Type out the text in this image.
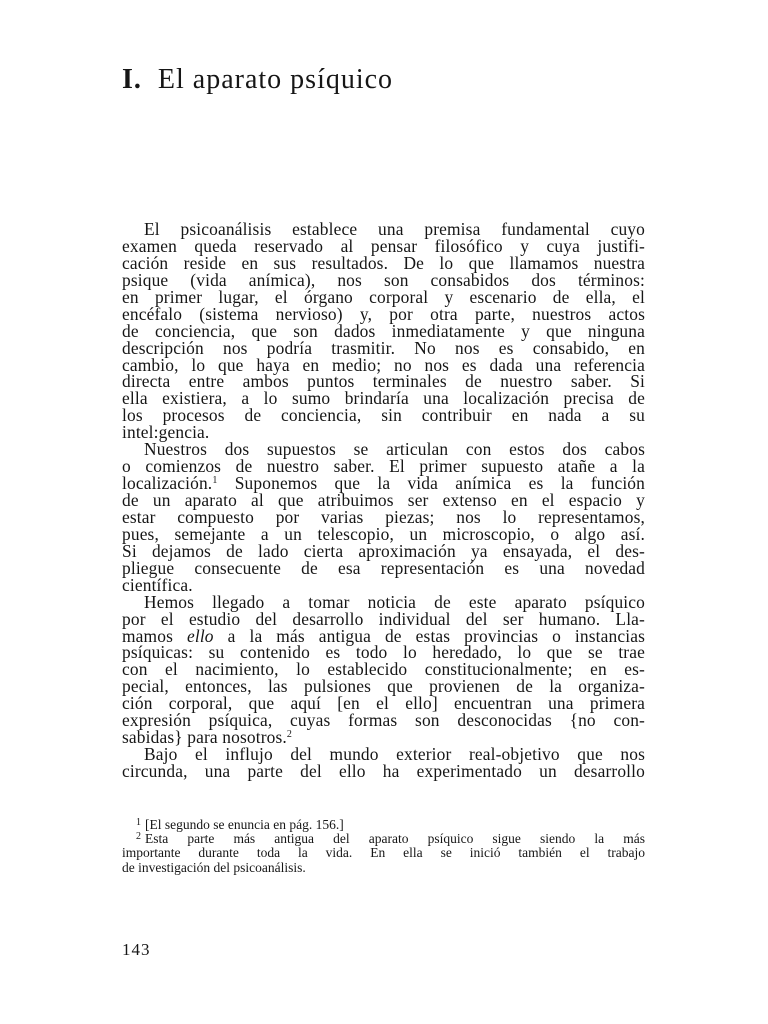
I. El aparato psíquico
El psicoanálisis establece una premisa fundamental cuyo
examen queda reservado al pensar filosófico y cuya justifi-
cación reside en sus resultados. De lo que llamamos nuestra
psique (vida anímica), nos son consabidos dos términos:
en primer lugar, el órgano corporal y escenario de ella, el
encéfalo (sistema nervioso) y, por otra parte, nuestros actos
de conciencia, que son dados inmediatamente y que ninguna
descripción nos podría trasmitir. No nos es consabido, en
cambio, lo que haya en medio; no nos es dada una referencia
directa entre ambos puntos terminales de nuestro saber. Si
ella existiera, a lo sumo brindaría una localización precisa de
los procesos de conciencia, sin contribuir en nada a su
intel:gencia.
Nuestros dos supuestos se articulan con estos dos cabos
o comienzos de nuestro saber. El primer supuesto atañe a la
localización.$^1$ Suponemos que la vida anímica es la función
de un aparato al que atribuimos ser extenso en el espacio y
estar compuesto por varias piezas; nos lo representamos,
pues, semejante a un telescopio, un microscopio, o algo así.
Si dejamos de lado cierta aproximación ya ensayada, el des-
pliegue consecuente de esa representación es una novedad
científica.
Hemos llegado a tomar noticia de este aparato psíquico
por el estudio del desarrollo individual del ser humano. Lla-
mamos ello a la más antigua de estas provincias o instancias
psíquicas: su contenido es todo lo heredado, lo que se trae
con el nacimiento, lo establecido constitucionalmente; en es-
pecial, entonces, las pulsiones que provienen de la organiza-
ción corporal, que aquí [en el ello] encuentran una primera
expresión psíquica, cuyas formas son desconocidas {no con-
sabidas} para nosotros.$^2$
Bajo el influjo del mundo exterior real-objetivo que nos
circunda, una parte del ello ha experimentado un desarrollo
$^1$ [El segundo se enuncia en pág. 156.]
$^2$ Esta parte más antigua del aparato psíquico sigue siendo la más
importante durante toda la vida. En ella se inició también el trabajo
de investigación del psicoanálisis.
143
